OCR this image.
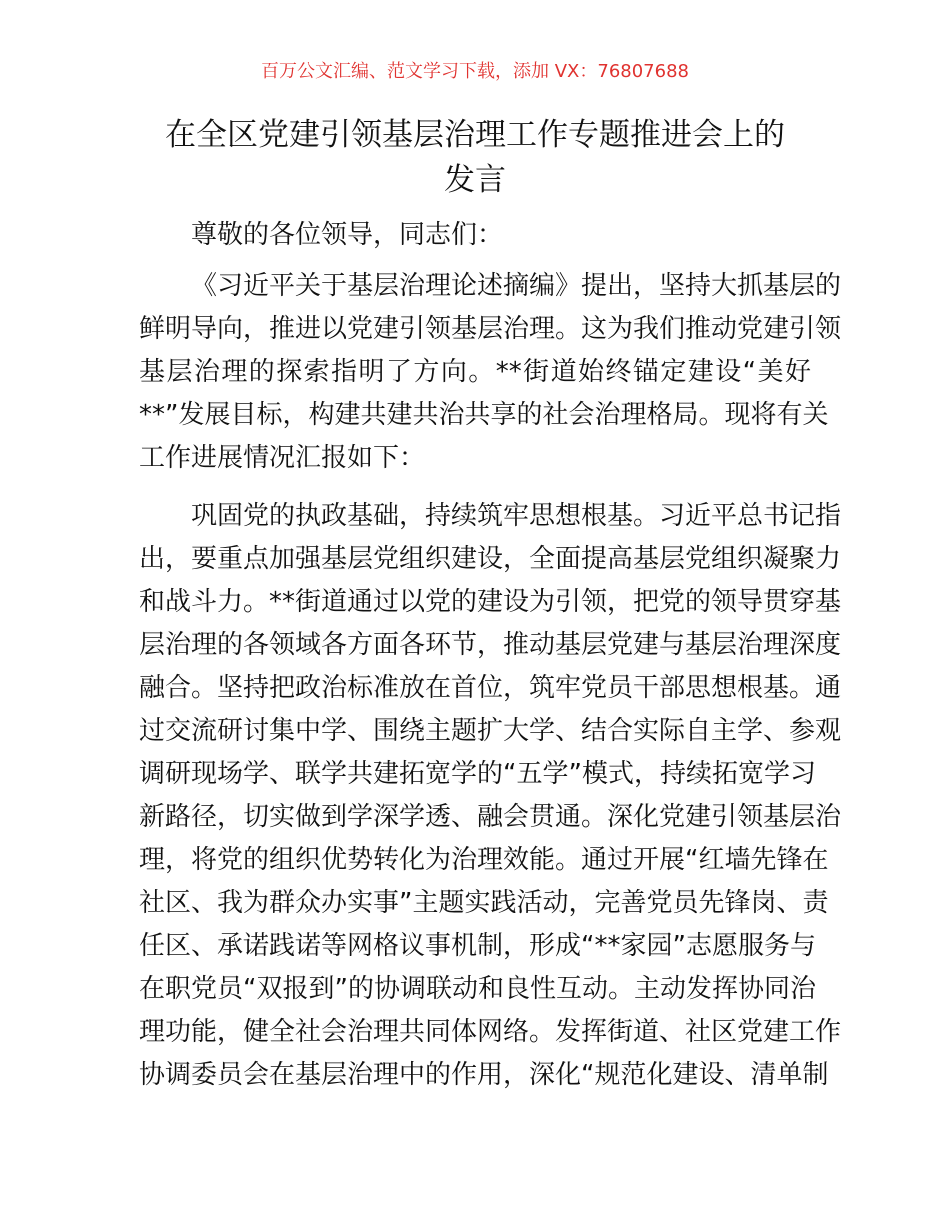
百万公文汇编、范文学习下载，添加 VX：76807688
在全区党建引领基层治理工作专题推进会上的
发言
尊敬的各位领导，同志们：
《习近平关于基层治理论述摘编》提出，坚持大抓基层的
鲜明导向，推进以党建引领基层治理。这为我们推动党建引领
基层治理的探索指明了方向。**街道始终锚定建设“美好
**”发展目标，构建共建共治共享的社会治理格局。现将有关
工作进展情况汇报如下：
巩固党的执政基础，持续筑牢思想根基。习近平总书记指
出，要重点加强基层党组织建设，全面提高基层党组织凝聚力
和战斗力。**街道通过以党的建设为引领，把党的领导贯穿基
层治理的各领域各方面各环节，推动基层党建与基层治理深度
融合。坚持把政治标准放在首位，筑牢党员干部思想根基。通
过交流研讨集中学、围绕主题扩大学、结合实际自主学、参观
调研现场学、联学共建拓宽学的“五学”模式，持续拓宽学习
新路径，切实做到学深学透、融会贯通。深化党建引领基层治
理，将党的组织优势转化为治理效能。通过开展“红墙先锋在
社区、我为群众办实事”主题实践活动，完善党员先锋岗、责
任区、承诺践诺等网格议事机制，形成“**家园”志愿服务与
在职党员“双报到”的协调联动和良性互动。主动发挥协同治
理功能，健全社会治理共同体网络。发挥街道、社区党建工作
协调委员会在基层治理中的作用，深化“规范化建设、清单制
